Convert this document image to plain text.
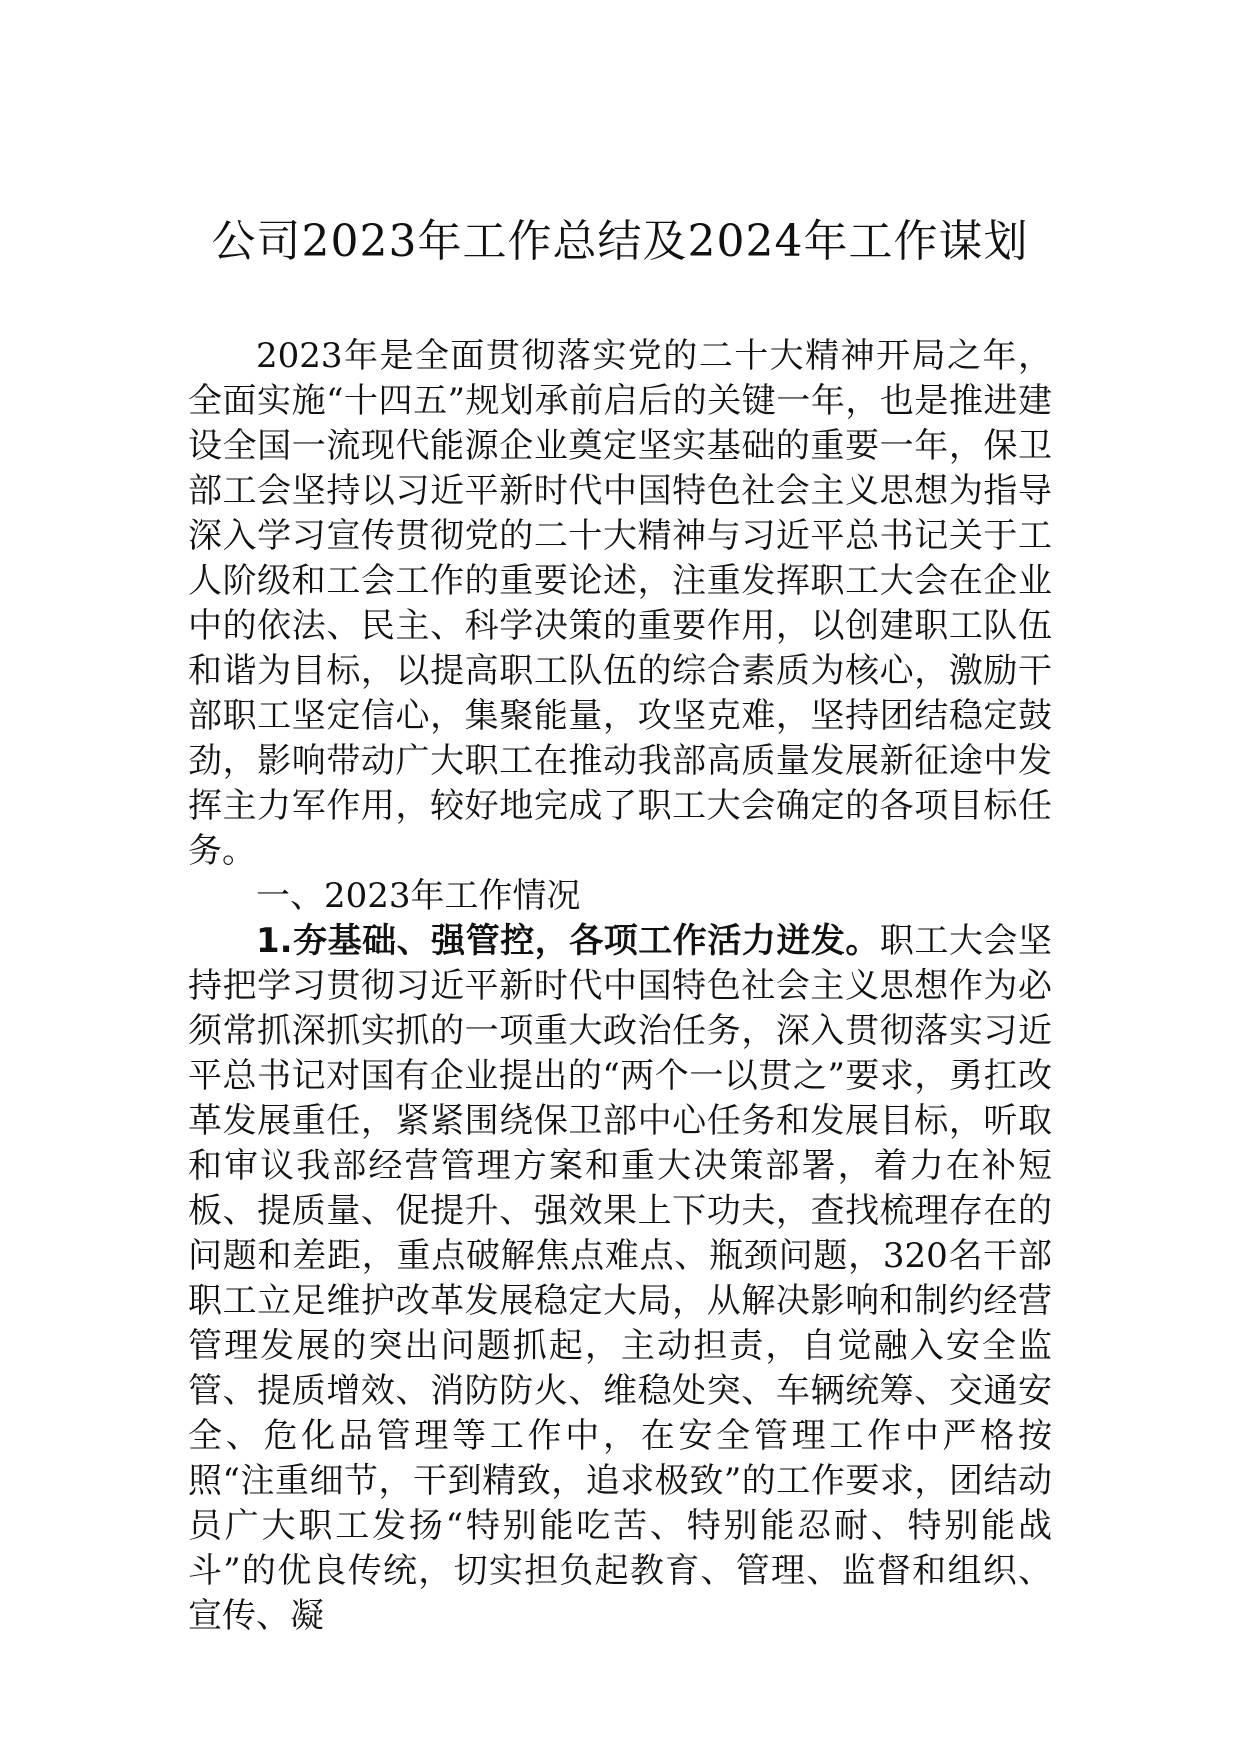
公司2023年工作总结及2024年工作谋划

2023年是全面贯彻落实党的二十大精神开局之年，全面实施“十四五”规划承前启后的关键一年，也是推进建设全国一流现代能源企业奠定坚实基础的重要一年，保卫部工会坚持以习近平新时代中国特色社会主义思想为指导深入学习宣传贯彻党的二十大精神与习近平总书记关于工人阶级和工会工作的重要论述，注重发挥职工大会在企业中的依法、民主、科学决策的重要作用，以创建职工队伍和谐为目标，以提高职工队伍的综合素质为核心，激励干部职工坚定信心，集聚能量，攻坚克难，坚持团结稳定鼓劲，影响带动广大职工在推动我部高质量发展新征途中发挥主力军作用，较好地完成了职工大会确定的各项目标任务。

一、2023年工作情况

1.夯基础、强管控，各项工作活力迸发。职工大会坚持把学习贯彻习近平新时代中国特色社会主义思想作为必须常抓深抓实抓的一项重大政治任务，深入贯彻落实习近平总书记对国有企业提出的“两个一以贯之”要求，勇扛改革发展重任，紧紧围绕保卫部中心任务和发展目标，听取和审议我部经营管理方案和重大决策部署，着力在补短板、提质量、促提升、强效果上下功夫，查找梳理存在的问题和差距，重点破解焦点难点、瓶颈问题，320名干部职工立足维护改革发展稳定大局，从解决影响和制约经营管理发展的突出问题抓起，主动担责，自觉融入安全监管、提质增效、消防防火、维稳处突、车辆统筹、交通安全、危化品管理等工作中，在安全管理工作中严格按照“注重细节，干到精致，追求极致”的工作要求，团结动员广大职工发扬“特别能吃苦、特别能忍耐、特别能战斗”的优良传统，切实担负起教育、管理、监督和组织、宣传、凝
